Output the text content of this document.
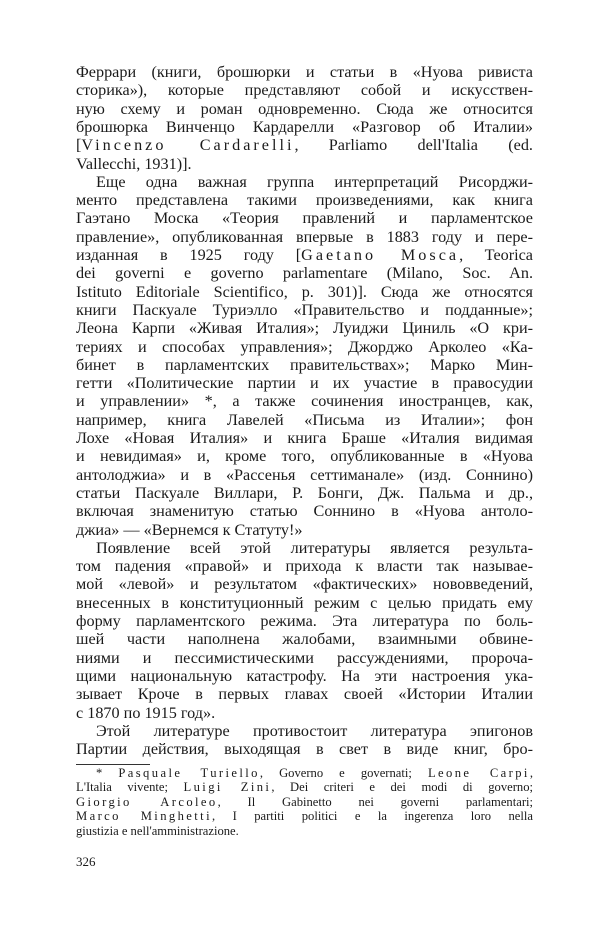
Феррари (книги, брошюрки и статьи в «Нуова ривиста
сторика»), которые представляют собой и искусствен-
ную схему и роман одновременно. Сюда же относится
брошюрка Винченцо Кардарелли «Разговор об Италии»
[Vincenzo Cardarelli, Parliamo dell'Italia (ed.
Vallecchi, 1931)].
Еще одна важная группа интерпретаций Рисорджи-
менто представлена такими произведениями, как книга
Гаэтано Моска «Теория правлений и парламентское
правление», опубликованная впервые в 1883 году и пере-
изданная в 1925 году [Gaetano Mosca, Teorica
dei governi e governo parlamentare (Milano, Soc. An.
Istituto Editoriale Scientifico, p. 301)]. Сюда же относятся
книги Паскуале Туриэлло «Правительство и подданные»;
Леона Карпи «Живая Италия»; Луиджи Циниль «О кри-
териях и способах управления»; Джорджо Арколео «Ка-
бинет в парламентских правительствах»; Марко Мин-
гетти «Политические партии и их участие в правосудии
и управлении» *, а также сочинения иностранцев, как,
например, книга Лавелей «Письма из Италии»; фон
Лохе «Новая Италия» и книга Браше «Италия видимая
и невидимая» и, кроме того, опубликованные в «Нуова
антолоджиа» и в «Рассенья сеттиманале» (изд. Соннино)
статьи Паскуале Виллари, Р. Бонги, Дж. Пальма и др.,
включая знаменитую статью Соннино в «Нуова антоло-
джиа» — «Вернемся к Статуту!»
Появление всей этой литературы является результа-
том падения «правой» и прихода к власти так называе-
мой «левой» и результатом «фактических» нововведений,
внесенных в конституционный режим с целью придать ему
форму парламентского режима. Эта литература по боль-
шей части наполнена жалобами, взаимными обвине-
ниями и пессимистическими рассуждениями, пророча-
щими национальную катастрофу. На эти настроения ука-
зывает Кроче в первых главах своей «Истории Италии
с 1870 по 1915 год».
Этой литературе противостоит литература эпигонов
Партии действия, выходящая в свет в виде книг, бро-
* Pasquale Turiello, Governo e governati; Leone Carpi,
L'Italia vivente; Luigi Zini, Dei criteri e dei modi di governo;
Giorgio Arcoleo, Il Gabinetto nei governi parlamentari;
Marco Minghetti, I partiti politici e la ingerenza loro nella
giustizia e nell'amministrazione.
326
